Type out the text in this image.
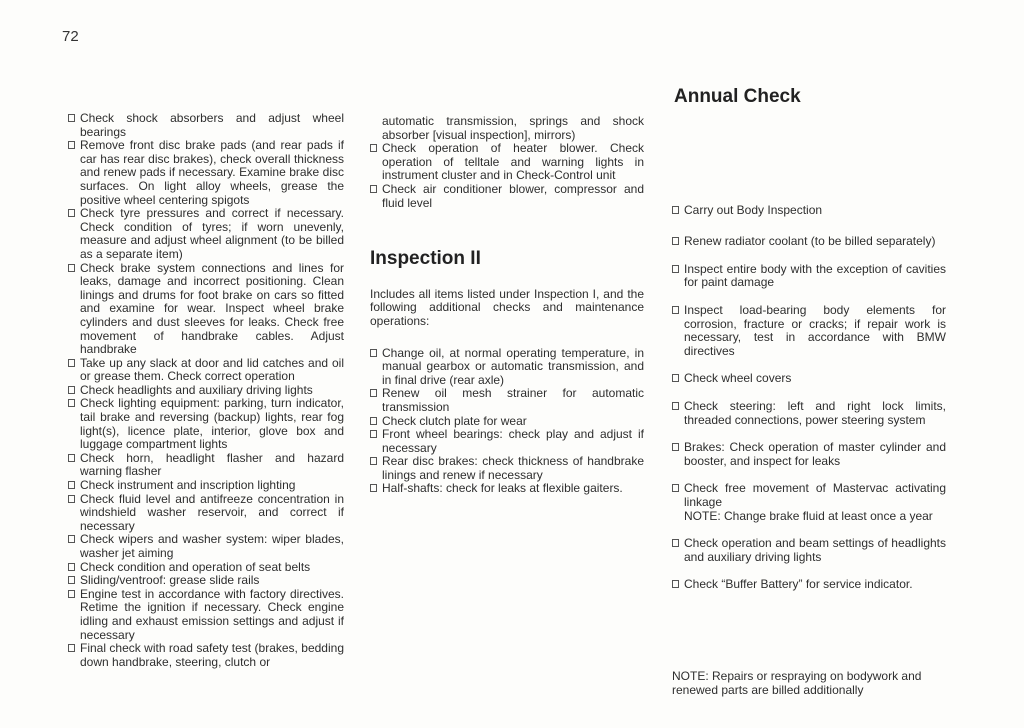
72
Check shock absorbers and adjust wheel bearings
Remove front disc brake pads (and rear pads if car has rear disc brakes), check overall thickness and renew pads if necessary. Examine brake disc surfaces. On light alloy wheels, grease the positive wheel centering spigots
Check tyre pressures and correct if necessary. Check condition of tyres; if worn unevenly, measure and adjust wheel alignment (to be billed as a separate item)
Check brake system connections and lines for leaks, damage and incorrect positioning. Clean linings and drums for foot brake on cars so fitted and examine for wear. Inspect wheel brake cylinders and dust sleeves for leaks. Check free movement of handbrake cables. Adjust handbrake
Take up any slack at door and lid catches and oil or grease them. Check correct operation
Check headlights and auxiliary driving lights
Check lighting equipment: parking, turn indicator, tail brake and reversing (backup) lights, rear fog light(s), licence plate, interior, glove box and luggage compartment lights
Check horn, headlight flasher and hazard warning flasher
Check instrument and inscription lighting
Check fluid level and antifreeze concentration in windshield washer reservoir, and correct if necessary
Check wipers and washer system: wiper blades, washer jet aiming
Check condition and operation of seat belts
Sliding/ventroof: grease slide rails
Engine test in accordance with factory directives. Retime the ignition if necessary. Check engine idling and exhaust emission settings and adjust if necessary
Final check with road safety test (brakes, bedding down handbrake, steering, clutch or
automatic transmission, springs and shock absorber [visual inspection], mirrors)
Check operation of heater blower. Check operation of telltale and warning lights in instrument cluster and in Check-Control unit
Check air conditioner blower, compressor and fluid level
Inspection II
Includes all items listed under Inspection I, and the following additional checks and maintenance operations:
Change oil, at normal operating temperature, in manual gearbox or automatic transmission, and in final drive (rear axle)
Renew oil mesh strainer for automatic transmission
Check clutch plate for wear
Front wheel bearings: check play and adjust if necessary
Rear disc brakes: check thickness of handbrake linings and renew if necessary
Half-shafts: check for leaks at flexible gaiters.
Annual Check
Carry out Body Inspection
Renew radiator coolant (to be billed separately)
Inspect entire body with the exception of cavities for paint damage
Inspect load-bearing body elements for corrosion, fracture or cracks; if repair work is necessary, test in accordance with BMW directives
Check wheel covers
Check steering: left and right lock limits, threaded connections, power steering system
Brakes: Check operation of master cylinder and booster, and inspect for leaks
Check free movement of Mastervac activating linkage
NOTE: Change brake fluid at least once a year
Check operation and beam settings of headlights and auxiliary driving lights
Check “Buffer Battery” for service indicator.
NOTE: Repairs or respraying on bodywork and renewed parts are billed additionally
